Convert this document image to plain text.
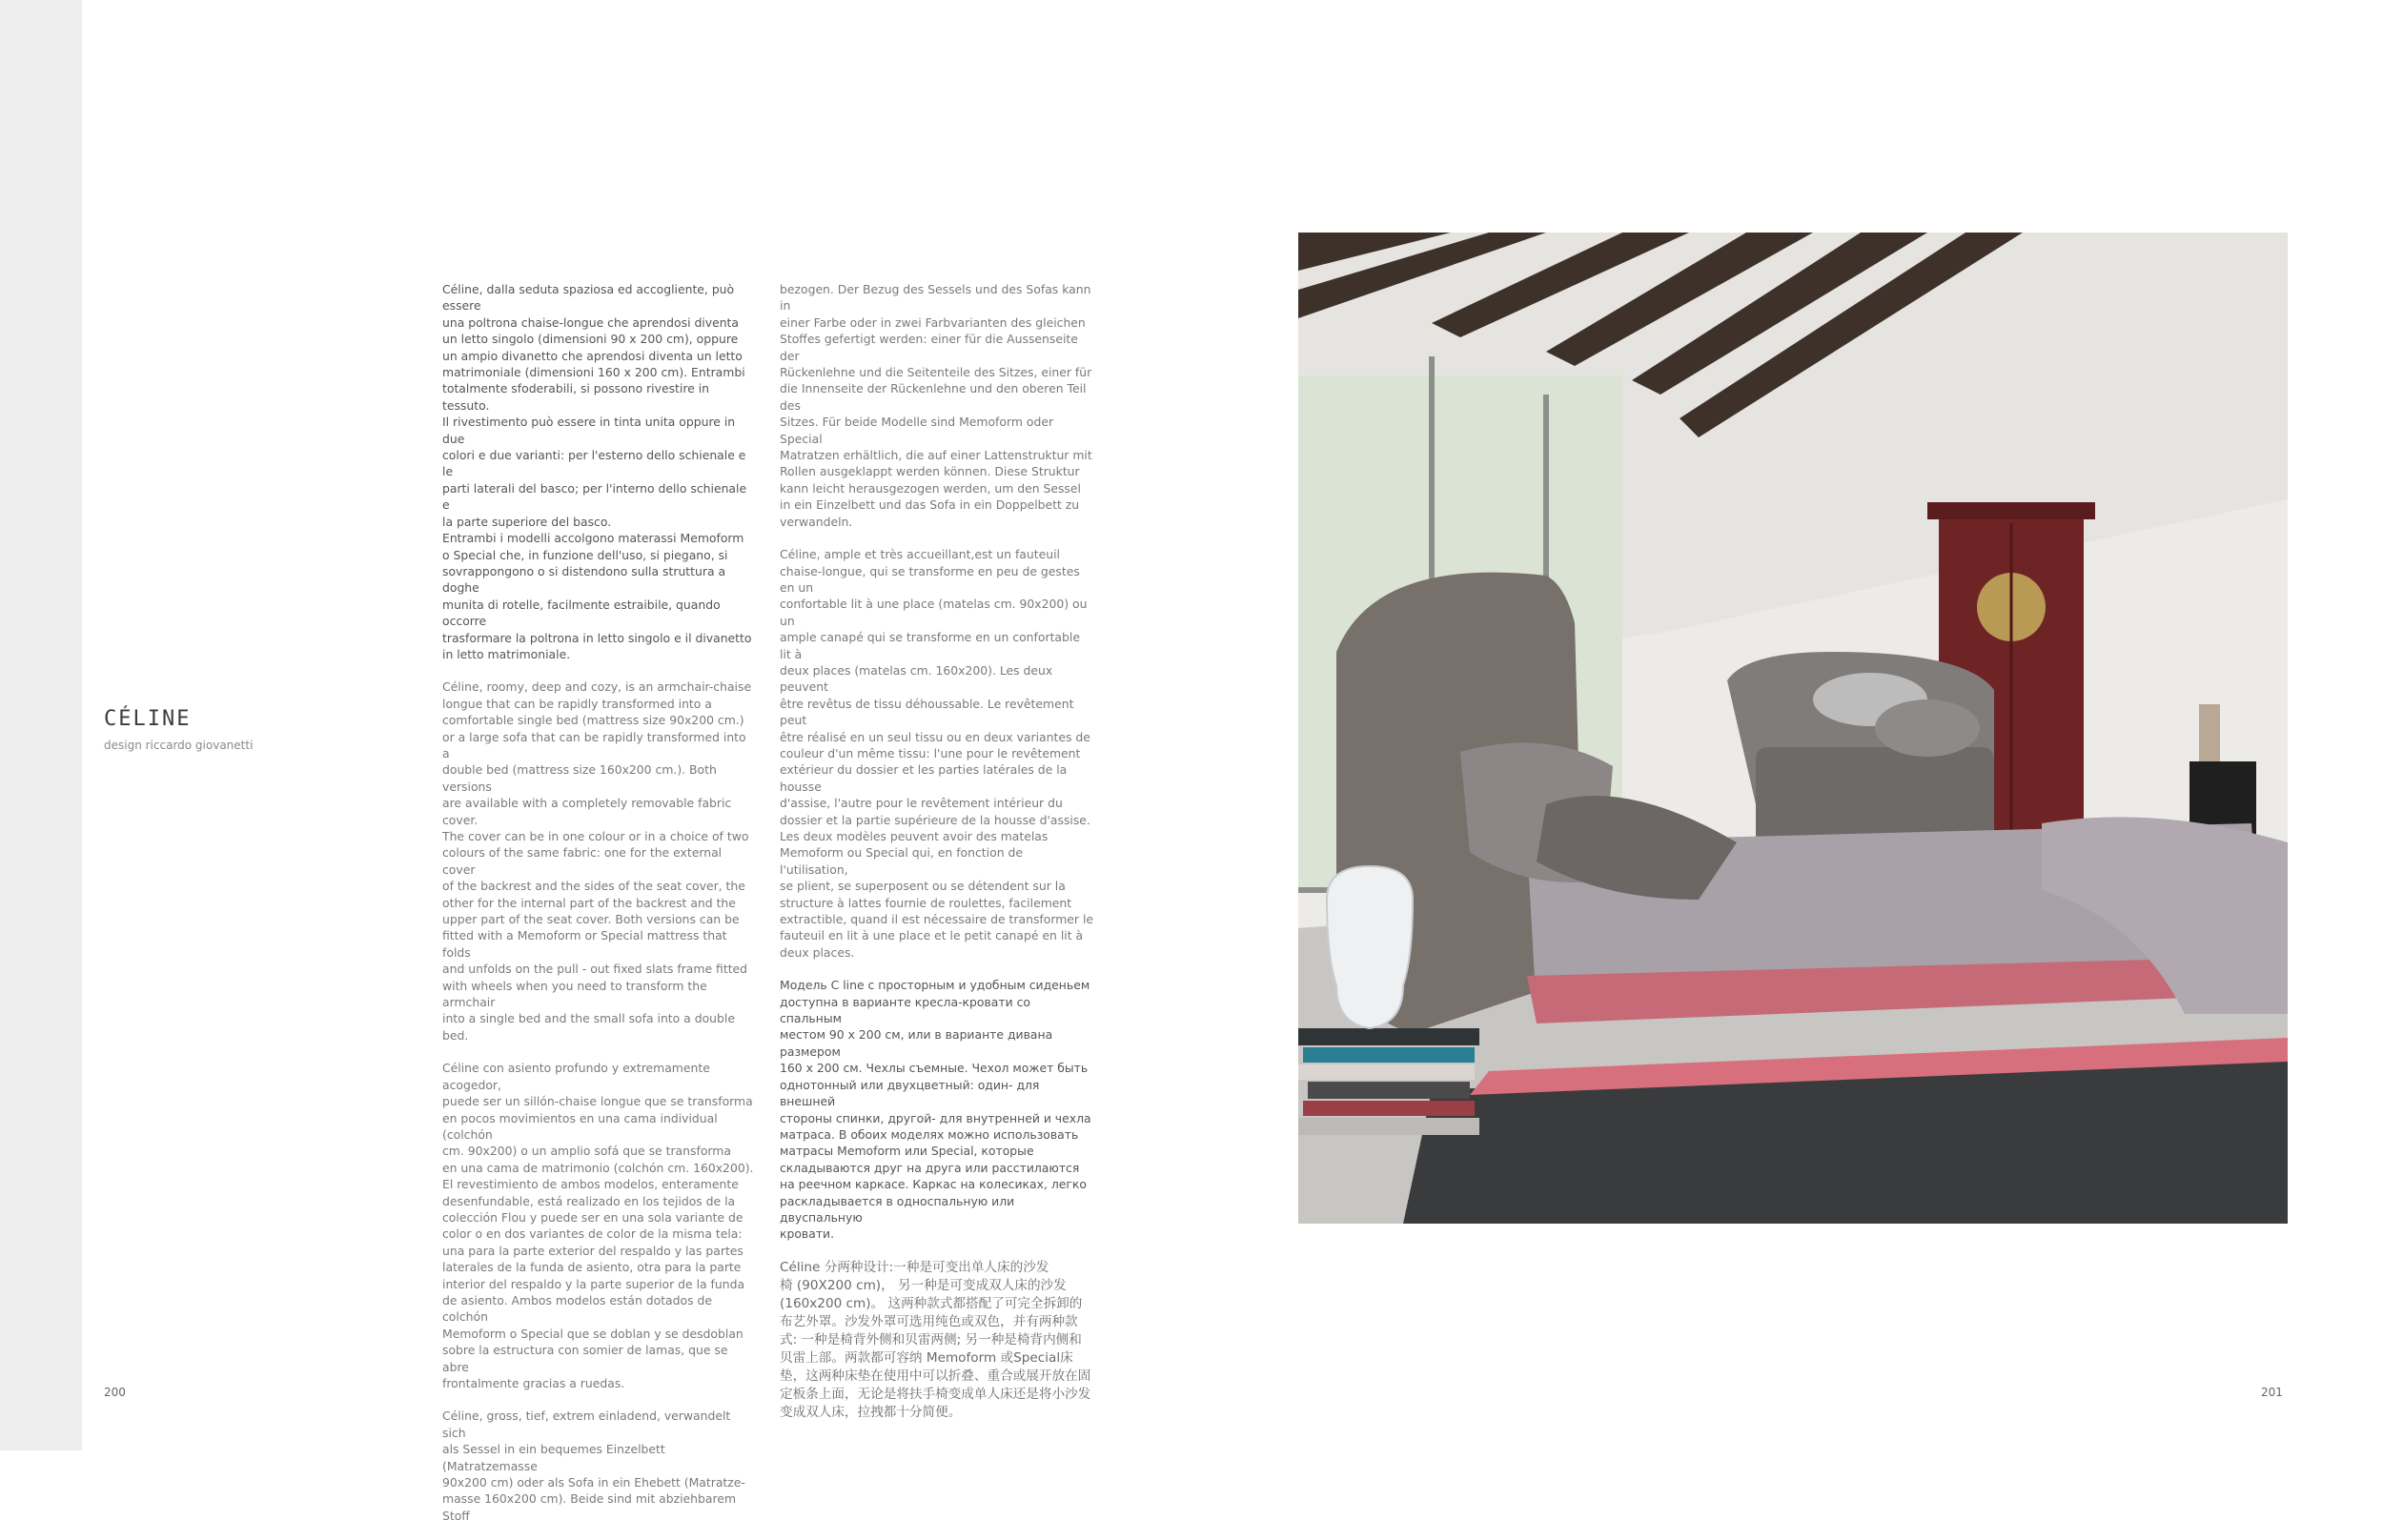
CÉLINE
design riccardo giovanetti

Céline, dalla seduta spaziosa ed accogliente, può essere
una poltrona chaise-longue che aprendosi diventa
un letto singolo (dimensioni 90 x 200 cm), oppure
un ampio divanetto che aprendosi diventa un letto
matrimoniale (dimensioni 160 x 200 cm). Entrambi
totalmente sfoderabili, si possono rivestire in tessuto.
Il rivestimento può essere in tinta unita oppure in due
colori e due varianti: per l'esterno dello schienale e le
parti laterali del basco; per l'interno dello schienale e
la parte superiore del basco.
Entrambi i modelli accolgono materassi Memoform
o Special che, in funzione dell'uso, si piegano, si
sovrappongono o si distendono sulla struttura a doghe
munita di rotelle, facilmente estraibile, quando occorre
trasformare la poltrona in letto singolo e il divanetto
in letto matrimoniale.

Céline, roomy, deep and cozy, is an armchair-chaise
longue that can be rapidly transformed into a
comfortable single bed (mattress size 90x200 cm.)
or a large sofa that can be rapidly transformed into a
double bed (mattress size 160x200 cm.). Both versions
are available with a completely removable fabric cover.
The cover can be in one colour or in a choice of two
colours of the same fabric: one for the external cover
of the backrest and the sides of the seat cover, the
other for the internal part of the backrest and the
upper part of the seat cover. Both versions can be
fitted with a Memoform or Special mattress that folds
and unfolds on the pull - out fixed slats frame fitted
with wheels when you need to transform the armchair
into a single bed and the small sofa into a double bed.

Céline con asiento profundo y extremamente acogedor,
puede ser un sillón-chaise longue que se transforma
en pocos movimientos en una cama individual (colchón
cm. 90x200) o un amplio sofá que se transforma
en una cama de matrimonio (colchón cm. 160x200).
El revestimiento de ambos modelos, enteramente
desenfundable, está realizado en los tejidos de la
colección Flou y puede ser en una sola variante de
color o en dos variantes de color de la misma tela:
una para la parte exterior del respaldo y las partes
laterales de la funda de asiento, otra para la parte
interior del respaldo y la parte superior de la funda
de asiento. Ambos modelos están dotados de colchón
Memoform o Special que se doblan y se desdoblan
sobre la estructura con somier de lamas, que se abre
frontalmente gracias a ruedas.

Céline, gross, tief, extrem einladend, verwandelt sich
als Sessel in ein bequemes Einzelbett (Matratzemasse
90x200 cm) oder als Sofa in ein Ehebett (Matratze-
masse 160x200 cm). Beide sind mit abziehbarem Stoff

bezogen. Der Bezug des Sessels und des Sofas kann in
einer Farbe oder in zwei Farbvarianten des gleichen
Stoffes gefertigt werden: einer für die Aussenseite der
Rückenlehne und die Seitenteile des Sitzes, einer für
die Innenseite der Rückenlehne und den oberen Teil des
Sitzes. Für beide Modelle sind Memoform oder Special
Matratzen erhältlich, die auf einer Lattenstruktur mit
Rollen ausgeklappt werden können. Diese Struktur
kann leicht herausgezogen werden, um den Sessel
in ein Einzelbett und das Sofa in ein Doppelbett zu
verwandeln.

Céline, ample et très accueillant,est un fauteuil
chaise-longue, qui se transforme en peu de gestes en un
confortable lit à une place (matelas cm. 90x200) ou un
ample canapé qui se transforme en un confortable lit à
deux places (matelas cm. 160x200). Les deux peuvent
être revêtus de tissu déhoussable. Le revêtement peut
être réalisé en un seul tissu ou en deux variantes de
couleur d'un même tissu: l'une pour le revêtement
extérieur du dossier et les parties latérales de la housse
d'assise, l'autre pour le revêtement intérieur du
dossier et la partie supérieure de la housse d'assise.
Les deux modèles peuvent avoir des matelas
Memoform ou Special qui, en fonction de l'utilisation,
se plient, se superposent ou se détendent sur la
structure à lattes fournie de roulettes, facilement
extractible, quand il est nécessaire de transformer le
fauteuil en lit à une place et le petit canapé en lit à
deux places.

Модель C line с просторным и удобным сиденьем
доступна в варианте кресла-кровати со спальным
местом 90 x 200 см, или в варианте дивана размером
160 x 200 см. Чехлы съемные. Чехол может быть
однотонный или двухцветный: один- для внешней
стороны спинки, другой- для внутренней и чехла
матраса. В обоих моделях можно использовать
матрасы Memoform или Special, которые
складываются друг на друга или расстилаются
на реечном каркасе. Каркас на колесиках, легко
раскладывается в односпальную или двуспальную
кровати.

Céline 分两种设计:一种是可变出单人床的沙发
椅 (90X200 cm)， 另一种是可变成双人床的沙发
(160x200 cm)。 这两种款式都搭配了可完全拆卸的
布艺外罩。沙发外罩可选用纯色或双色，并有两种款
式: 一种是椅背外侧和贝雷两侧; 另一种是椅背内侧和
贝雷上部。两款都可容纳 Memoform 或Special床
垫，这两种床垫在使用中可以折叠、重合或展开放在固
定板条上面，无论是将扶手椅变成单人床还是将小沙发
变成双人床，拉拽都十分简便。

200	201
